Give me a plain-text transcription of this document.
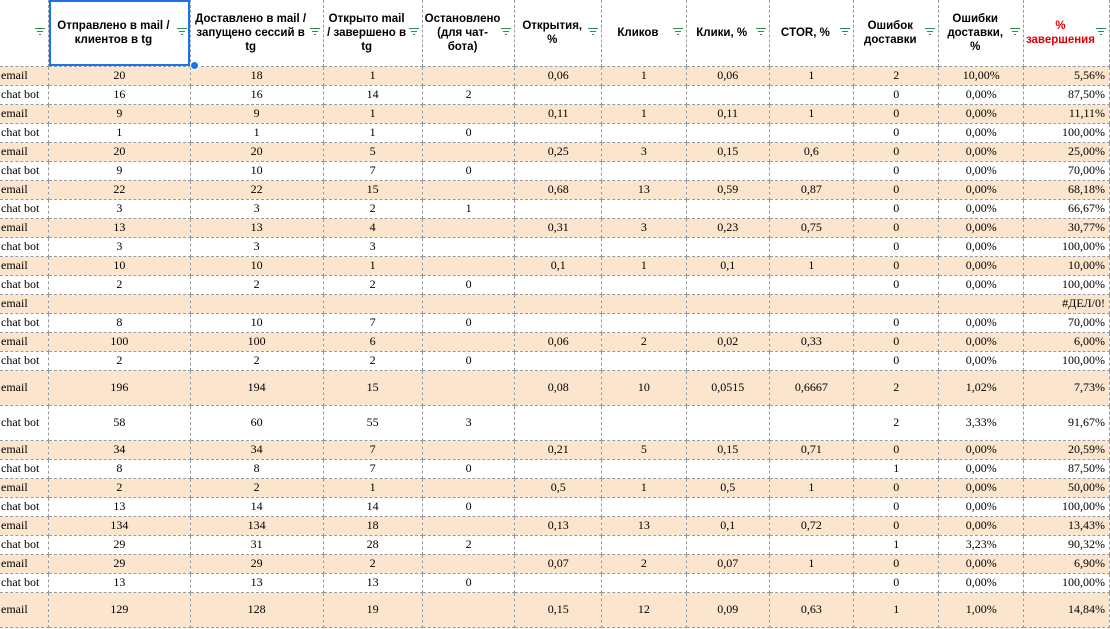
	Отправлено в mail / клиентов в tg	Доставлено в mail / запущено сессий в tg	Открыто mail / завершено в tg	Остановлено (для чат-бота)	Открытия, %	Кликов	Клики, %	CTOR, %	Ошибок доставки	Ошибки доставки, %	% завершения

email	20	18	1		0,06	1	0,06	1	2	10,00%	5,56%
chat bot	16	16	14	2					0	0,00%	87,50%
email	9	9	1		0,11	1	0,11	1	0	0,00%	11,11%
chat bot	1	1	1	0					0	0,00%	100,00%
email	20	20	5		0,25	3	0,15	0,6	0	0,00%	25,00%
chat bot	9	10	7	0					0	0,00%	70,00%
email	22	22	15		0,68	13	0,59	0,87	0	0,00%	68,18%
chat bot	3	3	2	1					0	0,00%	66,67%
email	13	13	4		0,31	3	0,23	0,75	0	0,00%	30,77%
chat bot	3	3	3						0	0,00%	100,00%
email	10	10	1		0,1	1	0,1	1	0	0,00%	10,00%
chat bot	2	2	2	0					0	0,00%	100,00%
email											#ДЕЛ/0!
chat bot	8	10	7	0					0	0,00%	70,00%
email	100	100	6		0,06	2	0,02	0,33	0	0,00%	6,00%
chat bot	2	2	2	0					0	0,00%	100,00%
email	196	194	15		0,08	10	0,0515	0,6667	2	1,02%	7,73%
chat bot	58	60	55	3					2	3,33%	91,67%
email	34	34	7		0,21	5	0,15	0,71	0	0,00%	20,59%
chat bot	8	8	7	0					1	0,00%	87,50%
email	2	2	1		0,5	1	0,5	1	0	0,00%	50,00%
chat bot	13	14	14	0					0	0,00%	100,00%
email	134	134	18		0,13	13	0,1	0,72	0	0,00%	13,43%
chat bot	29	31	28	2					1	3,23%	90,32%
email	29	29	2		0,07	2	0,07	1	0	0,00%	6,90%
chat bot	13	13	13	0					0	0,00%	100,00%
email	129	128	19		0,15	12	0,09	0,63	1	1,00%	14,84%
